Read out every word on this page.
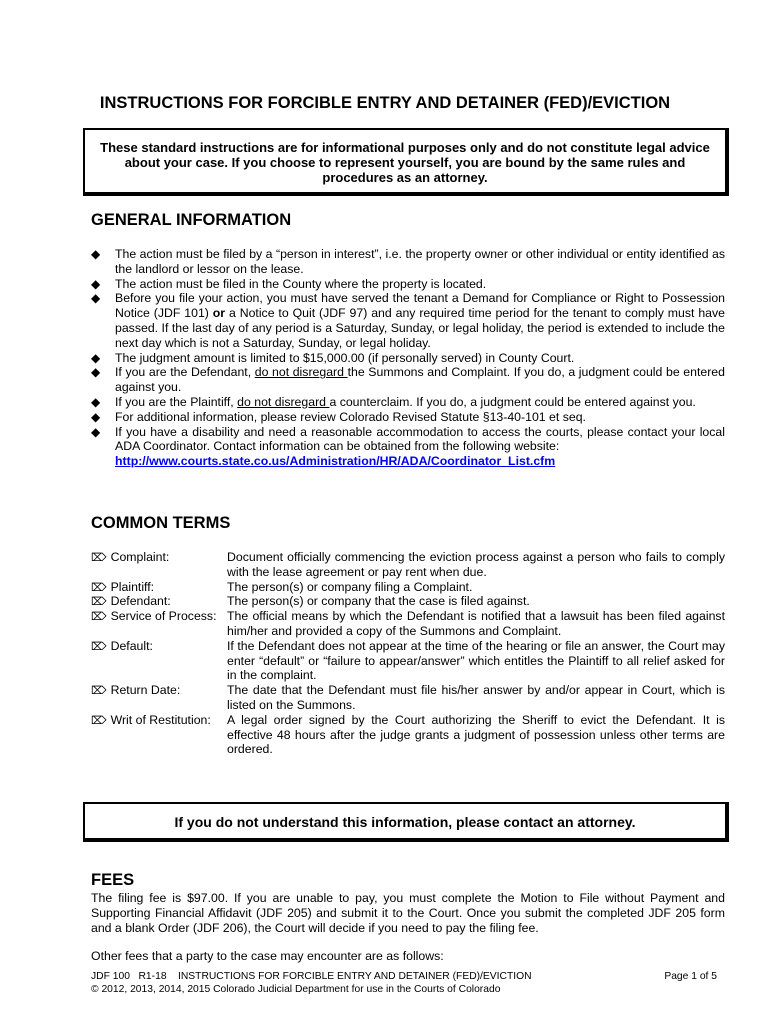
INSTRUCTIONS FOR FORCIBLE ENTRY AND DETAINER (FED)/EVICTION
These standard instructions are for informational purposes only and do not constitute legal advice about your case. If you choose to represent yourself, you are bound by the same rules and procedures as an attorney.
GENERAL INFORMATION
◆ The action must be filed by a “person in interest”, i.e. the property owner or other individual or entity identified as the landlord or lessor on the lease.
◆ The action must be filed in the County where the property is located.
◆ Before you file your action, you must have served the tenant a Demand for Compliance or Right to Possession Notice (JDF 101) or a Notice to Quit (JDF 97) and any required time period for the tenant to comply must have passed. If the last day of any period is a Saturday, Sunday, or legal holiday, the period is extended to include the next day which is not a Saturday, Sunday, or legal holiday.
◆ The judgment amount is limited to $15,000.00 (if personally served) in County Court.
◆ If you are the Defendant, do not disregard the Summons and Complaint. If you do, a judgment could be entered against you.
◆ If you are the Plaintiff, do not disregard a counterclaim. If you do, a judgment could be entered against you.
◆ For additional information, please review Colorado Revised Statute §13-40-101 et seq.
◆ If you have a disability and need a reasonable accommodation to access the courts, please contact your local ADA Coordinator. Contact information can be obtained from the following website:
http://www.courts.state.co.us/Administration/HR/ADA/Coordinator_List.cfm
COMMON TERMS
⌦ Complaint:	Document officially commencing the eviction process against a person who fails to comply with the lease agreement or pay rent when due.
⌦ Plaintiff:	The person(s) or company filing a Complaint.
⌦ Defendant:	The person(s) or company that the case is filed against.
⌦ Service of Process: The official means by which the Defendant is notified that a lawsuit has been filed against him/her and provided a copy of the Summons and Complaint.
⌦ Default:	If the Defendant does not appear at the time of the hearing or file an answer, the Court may enter “default” or “failure to appear/answer” which entitles the Plaintiff to all relief asked for in the complaint.
⌦ Return Date:	The date that the Defendant must file his/her answer by and/or appear in Court, which is listed on the Summons.
⌦ Writ of Restitution: A legal order signed by the Court authorizing the Sheriff to evict the Defendant. It is effective 48 hours after the judge grants a judgment of possession unless other terms are ordered.
If you do not understand this information, please contact an attorney.
FEES
The filing fee is $97.00. If you are unable to pay, you must complete the Motion to File without Payment and Supporting Financial Affidavit (JDF 205) and submit it to the Court. Once you submit the completed JDF 205 form and a blank Order (JDF 206), the Court will decide if you need to pay the filing fee.
Other fees that a party to the case may encounter are as follows:
JDF 100   R1-18    INSTRUCTIONS FOR FORCIBLE ENTRY AND DETAINER (FED)/EVICTION	Page 1 of 5
© 2012, 2013, 2014, 2015 Colorado Judicial Department for use in the Courts of Colorado
